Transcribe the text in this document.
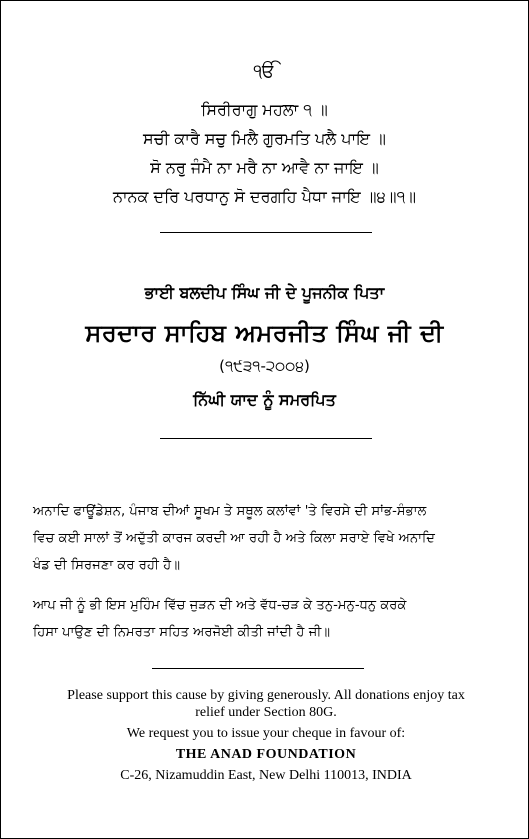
ੴ
ਸਿਰੀਰਾਗੁ ਮਹਲਾ ੧ ॥
ਸਚੀ ਕਾਰੈ ਸਚੁ ਮਿਲੈ ਗੁਰਮਤਿ ਪਲੈ ਪਾਇ ॥
ਸੋ ਨਰੁ ਜੰਮੈ ਨਾ ਮਰੈ ਨਾ ਆਵੈ ਨਾ ਜਾਇ ॥
ਨਾਨਕ ਦਰਿ ਪਰਧਾਨੁ ਸੋ ਦਰਗਹਿ ਪੈਧਾ ਜਾਇ ॥੪॥੧॥
ਭਾਈ ਬਲਦੀਪ ਸਿੰਘ ਜੀ ਦੇ ਪੂਜਨੀਕ ਪਿਤਾ
ਸਰਦਾਰ ਸਾਹਿਬ ਅਮਰਜੀਤ ਸਿੰਘ ਜੀ ਦੀ
(੧੯੩੧-੨੦੦੪)
ਨਿੱਘੀ ਯਾਦ ਨੂੰ ਸਮਰਪਿਤ
ਅਨਾਦਿ ਫਾਊਂਡੇਸ਼ਨ, ਪੰਜਾਬ ਦੀਆਂ ਸੂਖਮ ਤੇ ਸਥੂਲ ਕਲਾਂਵਾਂ 'ਤੇ ਵਿਰਸੇ ਦੀ ਸਾਂਭ-ਸੰਭਾਲ
ਵਿਚ ਕਈ ਸਾਲਾਂ ਤੋਂ ਅਦੁੱਤੀ ਕਾਰਜ ਕਰਦੀ ਆ ਰਹੀ ਹੈ ਅਤੇ ਕਿਲਾ ਸਰਾਏ ਵਿਖੇ ਅਨਾਦਿ
ਖੰਡ ਦੀ ਸਿਰਜਣਾ ਕਰ ਰਹੀ ਹੈ॥
ਆਪ ਜੀ ਨੂੰ ਭੀ ਇਸ ਮੁਹਿੰਮ ਵਿੱਚ ਜੁੜਨ ਦੀ ਅਤੇ ਵੱਧ-ਚੜ ਕੇ ਤਨੁ-ਮਨੁ-ਧਨੁ ਕਰਕੇ
ਹਿਸਾ ਪਾਉਣ ਦੀ ਨਿਮਰਤਾ ਸਹਿਤ ਅਰਜੋਈ ਕੀਤੀ ਜਾਂਦੀ ਹੈ ਜੀ॥
Please support this cause by giving generously. All donations enjoy tax
relief under Section 80G.
We request you to issue your cheque in favour of:
THE ANAD FOUNDATION
C-26, Nizamuddin East, New Delhi 110013, INDIA
